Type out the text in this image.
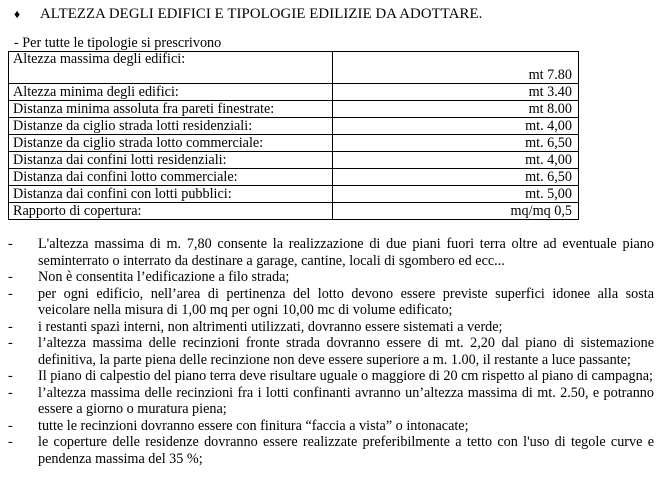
♦	ALTEZZA DEGLI EDIFICI E TIPOLOGIE EDILIZIE DA ADOTTARE.
- Per tutte le tipologie si prescrivono
Altezza massima degli edifici:	mt 7.80
Altezza minima degli edifici:	mt 3.40
Distanza minima assoluta fra pareti finestrate:	mt 8.00
Distanze da ciglio strada lotti residenziali:	mt. 4,00
Distanze da ciglio strada lotto commerciale:	mt. 6,50
Distanza dai confini lotti residenziali:	mt. 4,00
Distanza dai confini lotto commerciale:	mt. 6,50
Distanza dai confini con lotti pubblici:	mt. 5,00
Rapporto di copertura:	mq/mq 0,5
-	L'altezza massima di m. 7,80 consente la realizzazione di due piani fuori terra oltre ad eventuale piano seminterrato o interrato da destinare a garage, cantine, locali di sgombero ed ecc...
-	Non è consentita l’edificazione a filo strada;
-	per ogni edificio, nell’area di pertinenza del lotto devono essere previste superfici idonee alla sosta veicolare nella misura di 1,00 mq per ogni 10,00 mc di volume edificato;
-	i restanti spazi interni, non altrimenti utilizzati, dovranno essere sistemati a verde;
-	l’altezza massima delle recinzioni fronte strada dovranno essere di mt. 2,20 dal piano di sistemazione definitiva, la parte piena delle recinzione non deve essere superiore a m. 1.00, il restante a luce passante;
-	Il piano di calpestio del piano terra deve risultare uguale o maggiore di 20 cm rispetto al piano di campagna;
-	l’altezza massima delle recinzioni fra i lotti confinanti avranno un’altezza massima di mt. 2.50, e potranno essere a giorno o muratura piena;
-	tutte le recinzioni dovranno essere con finitura “faccia a vista” o intonacate;
-	le coperture delle residenze dovranno essere realizzate preferibilmente a tetto con l'uso di tegole curve e pendenza massima del 35 %;
